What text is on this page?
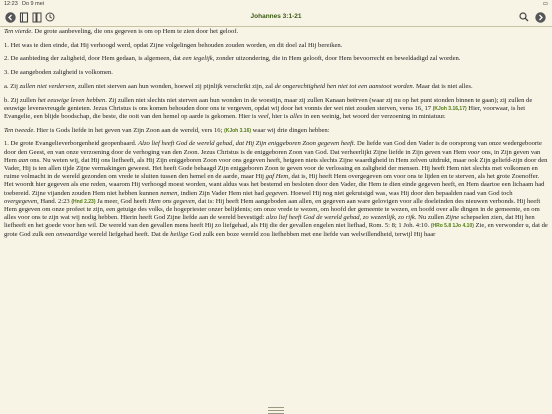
12:23 Do 9 mei	▭
Johannes 3:1-21

Ten vierde. De grote aanbeveling, die ons gegeven is om op Hem te zien door het geloof.

1. Het was te dien einde, dat Hij verhoogd werd, opdat Zijne volgelingen behouden zouden worden, en dit doel zal Hij bereiken.

2. De aanbieding der zaligheid, door Hem gedaan, is algemeen, dat een iegelijk, zonder uitzondering, die in Hem gelooft, door Hem bevoorrecht en beweldadigd zal worden.

3. De aangeboden zaligheid is volkomen.

a. Zij zullen niet verderven, zullen niet sterven aan hun wonden, hoewel zij pijnlijk verschrikt zijn, zal de ongerechtigheid hen niet tot een aanstoot worden. Maar dat is niet alles.

b. Zij zullen het eeuwige leven hebben. Zij zullen niet slechts niet sterven aan hun wonden in de woestijn, maar zij zullen Kanaan beërven (waar zij nu op het punt stonden binnen te gaan); zij zullen de eeuwige levensvreugde genieten. Jezus Christus is ons komen behouden door ons te vergeven, opdat wij door het vonnis der wet niet zouden sterven, verss 16, 17 (KJoh 3.16,17) Hier, voorwaar, is het Evangelie, een blijde boodschap, die beste, die ooit van den hemel op aarde is gekomen. Hier is veel, hier is alles in een weinig, het woord der verzoening in miniatuur.

Ten tweede. Hier is Gods liefde in het geven van Zijn Zoon aan de wereld, vers 16; (KJoh 3.16) waar wij drie dingen hebben:

1. De grote Evangelieverborgenheid geopenbaard. Alzo lief heeft God de wereld gehad, dat Hij Zijn eniggeboren Zoon gegeven heeft. De liefde van God den Vader is de oorsprong van onze wedergeboorte door den Geest, en van onze verzoening door de verhoging van den Zoon. Jezus Christus is de eniggeboren Zoon van God. Dat verheerlijkt Zijne liefde in Zijn geven van Hem voor ons, in Zijn geven van Hem aan ons. Nu weten wij, dat Hij ons liefheeft, als Hij Zijn eniggeboren Zoon voor ons gegeven heeft, hetgeen niets slechts Zijne waardigheid in Hem zelven uitdrukt, maar ook Zijn geliefd-zijn door den Vader, Hij is ten allen tijde Zijne vermakingen geweest. Het heeft Gode behaagd Zijn eniggeboren Zoon te geven voor de verlossing en zaligheid der mensen. Hij heeft Hem niet slechts met volkomen en ruime volmacht in de wereld gezonden om vrede te sluiten tussen den hemel en de aarde, maar Hij gaf Hem, dat is, Hij heeft Hem overgegeven om voor ons te lijden en te sterven, als het grote Zoenoffer. Het woordt hier gegeven als ene reden, waarom Hij verhoogd moest worden, want aldus was het bestemd en besloten door den Vader, die Hem te dien einde gegeven heeft, en Hem daartoe een lichaam had toebereid. Zijne vijanden zouden Hem niet hebben kunnen nemen, indien Zijn Vader Hem niet had gegeven. Hoewel Hij nog niet gekruisigd was, was Hij door den bepaalden raad van God toch overgegeven, Hand. 2:23 (Hnd 2.23) Ja meer, God heeft Hem ons gegeven, dat is: Hij heeft Hem aangeboden aan allen, en gegeven aan ware gelovigen voor alle doeleinden des nieuwen verbonds. Hij heeft Hem gegeven om onze profeet te zijn, een getuige des volks, de hogepriester onzer belijdenis; om onze vrede te wezen, om hoofd der gemeente te wezen, en hoofd over alle dingen in de gemeente, en om alles voor ons te zijn wat wij nodig hebben. Hierin heeft God Zijne liefde aan de wereld bevestigd: alzo lief heeft God de wereld gehad, zo wezenlijk, zo rijk. Nu zullen Zijne schepselen zien, dat Hij hen liefheeft en het goede voor hen wil. De wereld van den gevallen mens heeft Hij zo liefgehad, als Hij die der gevallen engelen niet liefhad, Rom. 5: 8; 1 Joh. 4:10. (HRo 5.8 1Jo 4.10) Zie, en verwonder u, dat de grote God zulk een onwaardige wereld liefgehad heeft. Dat de heilige God zulk een boze wereld zou liefhebben met ene liefde van welwillendheid, terwijl Hij haar
